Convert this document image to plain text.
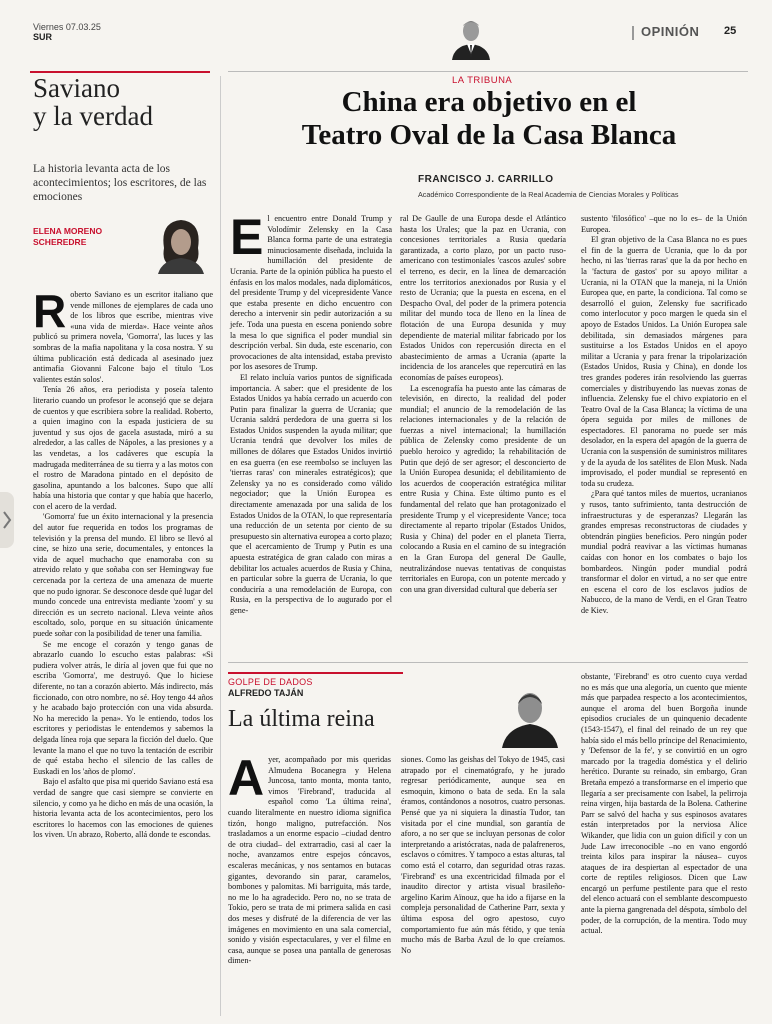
Viernes 07.03.25
SUR	OPINIÓN 25
Saviano
y la verdad
La historia levanta acta de los acontecimientos; los escritores, de las emociones
ELENA MORENO SCHEREDRE

Roberto Saviano es un escritor italiano que vende millones de ejemplares de cada uno de los libros que escribe, mientras vive «una vida de mierda». Hace veinte años publicó su primera novela, 'Gomorra', las luces y las sombras de la mafia napolitana y la cosa nostra. Y su última publicación está dedicada al asesinado juez antimafia Giovanni Falcone bajo el título 'Los valientes están solos'.

Tenía 26 años, era periodista y poseía talento literario cuando un profesor le aconsejó que se dejara de cuentos y que escribiera sobre la realidad. Roberto, a quien imagino con la espada justiciera de su juventud y sus ojos de gacela asustada, miró a su alrededor, a las calles de Nápoles, a las presiones y a las vendetas, a los cadáveres que escupía la madrugada mediterránea de su tierra y a las motos con el rostro de Maradona pintado en el depósito de gasolina, apuntando a los balcones. Supo que allí había una historia que contar y que había que hacerlo, con el acero de la verdad.

'Gomorra' fue un éxito internacional y la presencia del autor fue requerida en todos los programas de televisión y la prensa del mundo. El libro se llevó al cine, se hizo una serie, documentales, y entonces la vida de aquel muchacho que enamoraba con su atrevido relato y que soñaba con ser Hemingway fue cercenada por la certeza de una amenaza de muerte que no pudo ignorar. Se desconoce desde qué lugar del mundo concede una entrevista mediante 'zoom' y su dirección es un secreto nacional. Lleva veinte años escoltado, solo, porque en su situación únicamente puede soñar con la posibilidad de tener una familia.

Se me encoge el corazón y tengo ganas de abrazarlo cuando lo escucho estas palabras: «Si pudiera volver atrás, le diría al joven que fui que no escriba 'Gomorra', me destruyó. Que lo hiciese diferente, no tan a corazón abierto. Más indirecto, más ficcionado, con otro nombre, no sé. Hoy tengo 44 años y he acabado bajo protección con una vida absurda. No ha merecido la pena». Yo le entiendo, todos los escritores y periodistas le entendemos y sabemos la delgada línea roja que separa la ficción del duelo. Que levante la mano el que no tuvo la tentación de escribir de qué estaba hecho el silencio de las calles de Euskadi en los 'años de plomo'.

Bajo el asfalto que pisa mi querido Saviano está esa verdad de sangre que casi siempre se convierte en silencio, y como ya he dicho en más de una ocasión, la historia levanta acta de los acontecimientos, pero los escritores lo hacemos con las emociones de quienes los viven. Un abrazo, Roberto, allá donde te escondas.

LA TRIBUNA
China era objetivo en el
Teatro Oval de la Casa Blanca
FRANCISCO J. CARRILLO
Académico Correspondiente de la Real Academia de Ciencias Morales y Políticas

El encuentro entre Donald Trump y Volodímir Zelensky en la Casa Blanca forma parte de una estrategia minuciosamente diseñada, incluida la humillación del presidente de Ucrania. Parte de la opinión pública ha puesto el énfasis en los malos modales, nada diplomáticos, del presidente Trump y del vicepresidente Vance que estaba presente en dicho encuentro con derecho a intervenir sin pedir autorización a su jefe. Toda una puesta en escena poniendo sobre la mesa lo que significa el poder mundial sin descripción verbal. Sin duda, este escenario, con provocaciones de alta intensidad, estaba previsto por los asesores de Trump.

El relato incluía varios puntos de significada importancia. A saber: que el presidente de los Estados Unidos ya había cerrado un acuerdo con Putin para finalizar la guerra de Ucrania; que Ucrania saldrá perdedora de una guerra si los Estados Unidos suspenden la ayuda militar; que Ucrania tendrá que devolver los miles de millones de dólares que Estados Unidos invirtió en esa guerra (en ese reembolso se incluyen las 'tierras raras' con minerales estratégicos); que Zelensky ya no es considerado como válido negociador; que la Unión Europea es directamente amenazada por una salida de los Estados Unidos de la OTAN, lo que representaría una reducción de un setenta por ciento de su presupuesto sin alternativa europea a corto plazo; que el acercamiento de Trump y Putin es una apuesta estratégica de gran calado con miras a debilitar los actuales acuerdos de Rusia y China, en particular sobre la guerra de Ucrania, lo que conduciría a una remodelación de Europa, con Rusia, en la perspectiva de lo augurado por el gene-

ral De Gaulle de una Europa desde el Atlántico hasta los Urales; que la paz en Ucrania, con concesiones territoriales a Rusia quedaría garantizada, a corto plazo, por un pacto ruso-americano con testimoniales 'cascos azules' sobre el terreno, es decir, en la línea de demarcación entre los territorios anexionados por Rusia y el resto de Ucrania; que la puesta en escena, en el Despacho Oval, del poder de la primera potencia militar del mundo toca de lleno en la línea de flotación de una Europa desunida y muy dependiente de material militar fabricado por los Estados Unidos con repercusión directa en el abastecimiento de armas a Ucrania (aparte la incidencia de los aranceles que repercutirá en las economías de países europeos).

La escenografía ha puesto ante las cámaras de televisión, en directo, la realidad del poder mundial; el anuncio de la remodelación de las relaciones internacionales y de la relación de fuerzas a nivel internacional; la humillación pública de Zelensky como presidente de un pueblo heroico y agredido; la rehabilitación de Putin que dejó de ser agresor; el desconcierto de la Unión Europea desunida; el debilitamiento de los acuerdos de cooperación estratégica militar entre Rusia y China. Este último punto es el fundamental del relato que han protagonizado el presidente Trump y el vicepresidente Vance; toca directamente al reparto tripolar (Estados Unidos, Rusia y China) del poder en el planeta Tierra, colocando a Rusia en el camino de su integración en la Gran Europa del general De Gaulle, neutralizándose nuevas tentativas de conquistas territoriales en Europa, con un potente mercado y con una gran diversidad cultural que debería ser

sustento 'filosófico' –que no lo es– de la Unión Europea.

El gran objetivo de la Casa Blanca no es pues el fin de la guerra de Ucrania, que lo da por hecho, ni las 'tierras raras' que la da por hecho en la 'factura de gastos' por su apoyo militar a Ucrania, ni la OTAN que la maneja, ni la Unión Europea que, en parte, la condiciona. Tal como se desarrolló el guion, Zelensky fue sacrificado como interlocutor y poco margen le queda sin el apoyo de Estados Unidos. La Unión Europea sale debilitada, sin demasiados márgenes para sustituirse a los Estados Unidos en el apoyo militar a Ucrania y para frenar la tripolarización (Estados Unidos, Rusia y China), en donde los tres grandes poderes irán resolviendo las guerras comerciales y distribuyendo las nuevas zonas de influencia. Zelensky fue el chivo expiatorio en el Teatro Oval de la Casa Blanca; la víctima de una ópera seguida por miles de millones de espectadores. El panorama no puede ser más desolador, en la espera del apagón de la guerra de Ucrania con la suspensión de suministros militares y de la ayuda de los satélites de Elon Musk. Nada improvisado, el poder mundial se representó en toda su crudeza.

¿Para qué tantos miles de muertos, ucranianos y rusos, tanto sufrimiento, tanta destrucción de infraestructuras y de esperanzas? Llegarán las grandes empresas reconstructoras de ciudades y obtendrán pingües beneficios. Pero ningún poder mundial podrá reavivar a las víctimas humanas caídas con honor en los combates o bajo los bombardeos. Ningún poder mundial podrá transformar el dolor en virtud, a no ser que entre en escena el coro de los esclavos judíos de Nabucco, de la mano de Verdi, en el Gran Teatro de Kiev.

GOLPE DE DADOS
ALFREDO TAJÁN
La última reina

Ayer, acompañado por mis queridas Almudena Bocanegra y Helena Juncosa, tanto monta, monta tanto, vimos 'Firebrand', traducida al español como 'La última reina', cuando literalmente en nuestro idioma significa tizón, hongo maligno, putrefacción. Nos trasladamos a un enorme espacio –ciudad dentro de otra ciudad– del extrarradio, casi al caer la noche, avanzamos entre espejos cóncavos, escaleras mecánicas, y nos sentamos en butacas gigantes, devorando sin parar, caramelos, bombones y palomitas. Mi barriguita, más tarde, no me lo ha agradecido. Pero no, no se trata de Tokio, pero se trata de mi primera salida en casi dos meses y disfruté de la diferencia de ver las imágenes en movimiento en una sala comercial, sonido y visión espectaculares, y ver el filme en casa, aunque se posea una pantalla de generosas dimen-

siones. Como las geishas del Tokyo de 1945, casi atrapado por el cinematógrafo, y he jurado regresar periódicamente, aunque sea en esmoquin, kimono o bata de seda. En la sala éramos, contándonos a nosotros, cuatro personas. Pensé que ya ni siquiera la dinastía Tudor, tan visitada por el cine mundial, son garantía de aforo, a no ser que se incluyan personas de color interpretando a aristócratas, nada de palafreneros, esclavos o cómitres. Y tampoco a estas alturas, tal como está el cotarro, dan seguridad otras razas. 'Firebrand' es una excentricidad filmada por el inaudito director y artista visual brasileño-argelino Karim Aïnouz, que ha ido a fijarse en la compleja personalidad de Catherine Parr, sexta y última esposa del ogro apestoso, cuyo comportamiento fue aún más fétido, y que tenía mucho más de Barba Azul de lo que creíamos. No

obstante, 'Firebrand' es otro cuento cuya verdad no es más que una alegoría, un cuento que miente más que parpadea respecto a los acontecimientos, aunque el aroma del buen Borgoña inunde episodios cruciales de un quinquenio decadente (1543-1547), el final del reinado de un rey que había sido el más bello príncipe del Renacimiento, y 'Defensor de la fe', y se convirtió en un ogro marcado por la tragedia doméstica y el delirio herético. Durante su reinado, sin embargo, Gran Bretaña empezó a transformarse en el imperio que llegaría a ser precisamente con Isabel, la pelirroja reina virgen, hija bastarda de la Bolena. Catherine Parr se salvó del hacha y sus espinosos avatares están interpretados por la nerviosa Alice Wikander, que lidia con un guion difícil y con un Jude Law irreconocible –no en vano engordó treinta kilos para inspirar la náusea– cuyos ataques de ira despiertan al espectador de una corte de reptiles religiosos. Dicen que Law encargó un perfume pestilente para que el resto del elenco actuará con el semblante descompuesto ante la pierna gangrenada del déspota, símbolo del poder, de la corrupción, de la mentira. Todo muy actual.
